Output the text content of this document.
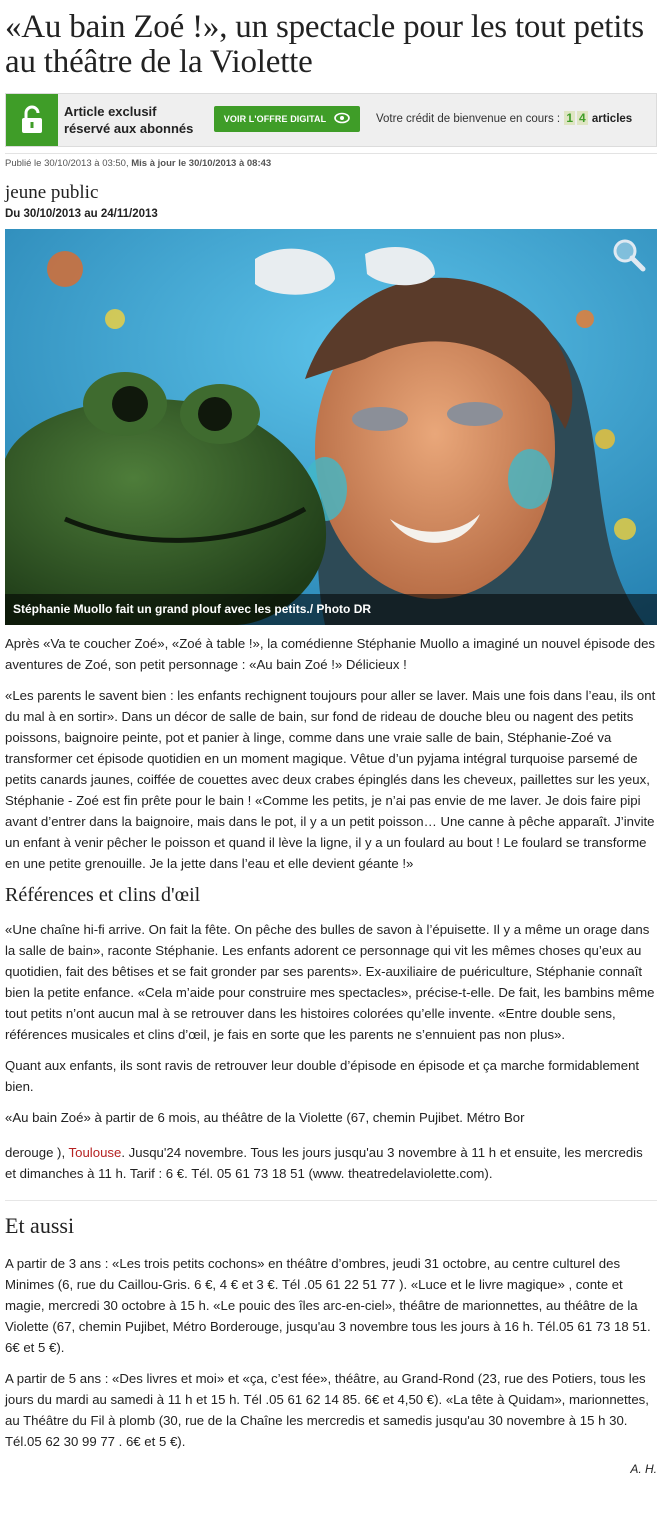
«Au bain Zoé !», un spectacle pour les tout petits au théâtre de la Violette
Article exclusif
réservé aux abonnés
VOIR L'OFFRE DIGITAL	Votre crédit de bienvenue en cours : 1 4 articles
Publié le 30/10/2013 à 03:50, Mis à jour le 30/10/2013 à 08:43
jeune public
Du 30/10/2013 au 24/11/2013
Stéphanie Muollo fait un grand plouf avec les petits./ Photo DR

Après «Va te coucher Zoé», «Zoé à table !», la comédienne Stéphanie Muollo a imaginé un nouvel épisode des aventures de Zoé, son petit personnage : «Au bain Zoé !» Délicieux !

«Les parents le savent bien : les enfants rechignent toujours pour aller se laver. Mais une fois dans l’eau, ils ont du mal à en sortir». Dans un décor de salle de bain, sur fond de rideau de douche bleu ou nagent des petits poissons, baignoire peinte, pot et panier à linge, comme dans une vraie salle de bain, Stéphanie-Zoé va transformer cet épisode quotidien en un moment magique. Vêtue d’un pyjama intégral turquoise parsemé de petits canards jaunes, coiffée de couettes avec deux crabes épinglés dans les cheveux, paillettes sur les yeux, Stéphanie - Zoé est fin prête pour le bain ! «Comme les petits, je n’ai pas envie de me laver. Je dois faire pipi avant d’entrer dans la baignoire, mais dans le pot, il y a un petit poisson… Une canne à pêche apparaît. J’invite un enfant à venir pêcher le poisson et quand il lève la ligne, il y a un foulard au bout ! Le foulard se transforme en une petite grenouille. Je la jette dans l’eau et elle devient géante !»

Références et clins d'œil

«Une chaîne hi-fi arrive. On fait la fête. On pêche des bulles de savon à l’épuisette. Il y a même un orage dans la salle de bain», raconte Stéphanie. Les enfants adorent ce personnage qui vit les mêmes choses qu’eux au quotidien, fait des bêtises et se fait gronder par ses parents». Ex-auxiliaire de puériculture, Stéphanie connaît bien la petite enfance. «Cela m’aide pour construire mes spectacles», précise-t-elle. De fait, les bambins même tout petits n’ont aucun mal à se retrouver dans les histoires colorées qu’elle invente. «Entre double sens, références musicales et clins d’œil, je fais en sorte que les parents ne s’ennuient pas non plus».

Quant aux enfants, ils sont ravis de retrouver leur double d’épisode en épisode et ça marche formidablement bien.

«Au bain Zoé» à partir de 6 mois, au théâtre de la Violette (67, chemin Pujibet. Métro Bor

derouge ), Toulouse. Jusqu'24 novembre. Tous les jours jusqu'au 3 novembre à 11 h et ensuite, les mercredis et dimanches à 11 h. Tarif : 6 €. Tél. 05 61 73 18 51 (www. theatredelaviolette.com).

Et aussi

A partir de 3 ans : «Les trois petits cochons» en théâtre d’ombres, jeudi 31 octobre, au centre culturel des Minimes (6, rue du Caillou-Gris. 6 €, 4 € et 3 €. Tél .05 61 22 51 77 ). «Luce et le livre magique» , conte et magie, mercredi 30 octobre à 15 h. «Le pouic des îles arc-en-ciel», théâtre de marionnettes, au théâtre de la Violette (67, chemin Pujibet, Métro Borderouge, jusqu'au 3 novembre tous les jours à 16 h. Tél.05 61 73 18 51. 6€ et 5 €).

A partir de 5 ans : «Des livres et moi» et «ça, c’est fée», théâtre, au Grand-Rond (23, rue des Potiers, tous les jours du mardi au samedi à 11 h et 15 h. Tél .05 61 62 14 85. 6€ et 4,50 €). «La tête à Quidam», marionnettes, au Théâtre du Fil à plomb (30, rue de la Chaîne les mercredis et samedis jusqu'au 30 novembre à 15 h 30. Tél.05 62 30 99 77 . 6€ et 5 €).

A. H.
